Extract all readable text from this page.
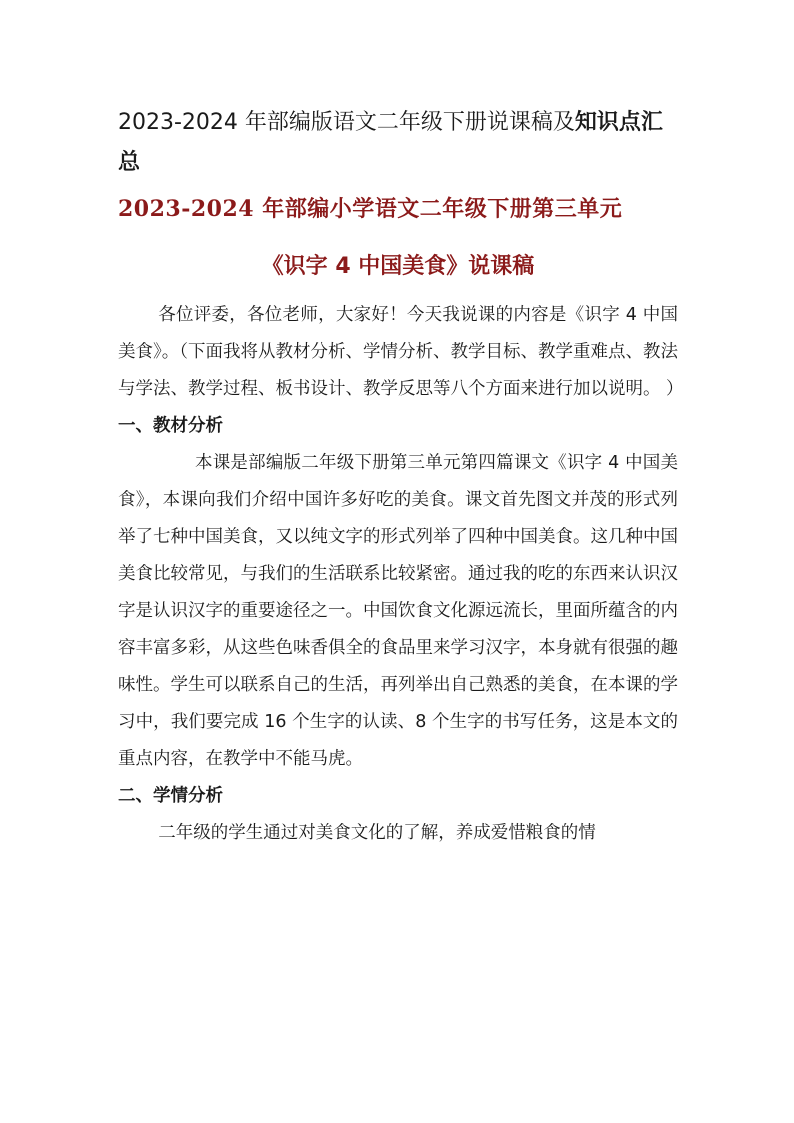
2023-2024 年部编版语文二年级下册说课稿及知识点汇总
2023-2024 年部编小学语文二年级下册第三单元
《识字 4 中国美食》说课稿

各位评委，各位老师，大家好！今天我说课的内容是《识字 4 中国美食》。（下面我将从教材分析、学情分析、教学目标、教学重难点、教法与学法、教学过程、板书设计、教学反思等八个方面来进行加以说明。 ）

一、教材分析

本课是部编版二年级下册第三单元第四篇课文《识字 4 中国美食》，本课向我们介绍中国许多好吃的美食。课文首先图文并茂的形式列举了七种中国美食，又以纯文字的形式列举了四种中国美食。这几种中国美食比较常见，与我们的生活联系比较紧密。通过我的吃的东西来认识汉字是认识汉字的重要途径之一。中国饮食文化源远流长，里面所蕴含的内容丰富多彩，从这些色味香俱全的食品里来学习汉字，本身就有很强的趣味性。学生可以联系自己的生活，再列举出自己熟悉的美食，在本课的学习中，我们要完成 16 个生字的认读、8 个生字的书写任务，这是本文的重点内容，在教学中不能马虎。

二、学情分析

二年级的学生通过对美食文化的了解，养成爱惜粮食的情
